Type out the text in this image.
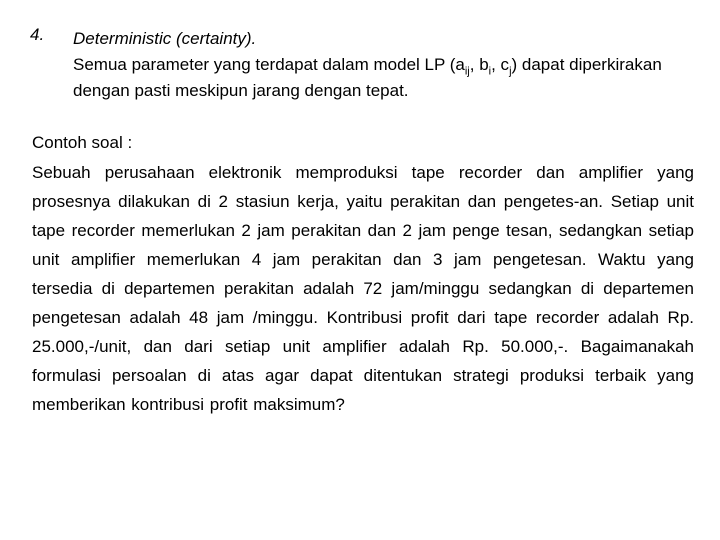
4. Deterministic (certainty).
Semua parameter yang terdapat dalam model LP ($a_{ij}$, $b_i$, $c_j$) dapat diperkirakan dengan pasti meskipun jarang dengan tepat.
Contoh soal :
Sebuah perusahaan elektronik memproduksi tape recorder dan amplifier yang prosesnya dilakukan di 2 stasiun kerja, yaitu perakitan dan pengetes-an. Setiap unit tape recorder memerlukan 2 jam perakitan dan 2 jam penge tesan, sedangkan setiap unit amplifier memerlukan 4 jam perakitan dan 3 jam pengetesan. Waktu yang tersedia di departemen perakitan adalah 72 jam/minggu sedangkan di departemen pengetesan adalah 48 jam /minggu. Kontribusi profit dari tape recorder adalah Rp. 25.000,-/unit, dan dari setiap unit amplifier adalah Rp. 50.000,-. Bagaimanakah formulasi persoalan di atas agar dapat ditentukan strategi produksi terbaik yang memberikan kontribusi profit maksimum?
